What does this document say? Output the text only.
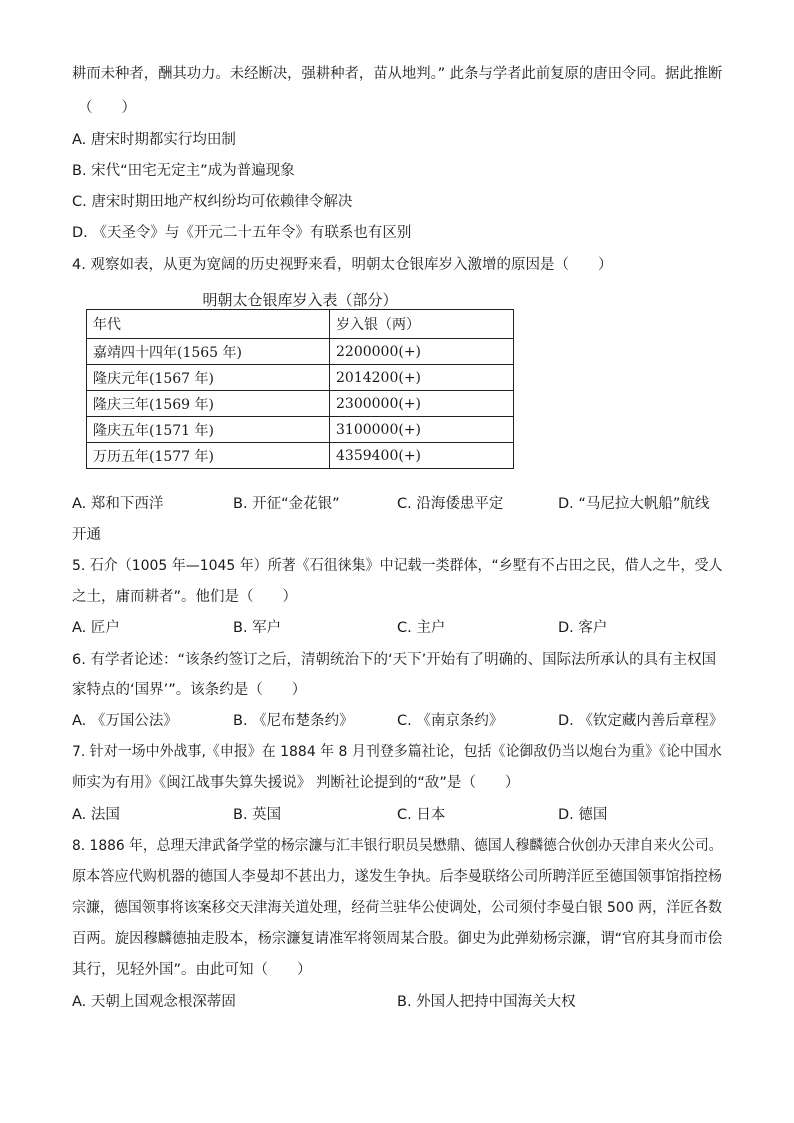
耕而未种者，酬其功力。未经断决，强耕种者，苗从地判。” 此条与学者此前复原的唐田令同。据此推断
（　　）
A. 唐宋时期都实行均田制
B. 宋代“田宅无定主”成为普遍现象
C. 唐宋时期田地产权纠纷均可依赖律令解决
D. 《天圣令》与《开元二十五年令》有联系也有区别
4. 观察如表，从更为宽阔的历史视野来看，明朝太仓银库岁入激增的原因是（　　）
明朝太仓银库岁入表（部分）
年代	岁入银（两）
嘉靖四十四年(1565 年)	2200000(+)
隆庆元年(1567 年)	2014200(+)
隆庆三年(1569 年)	2300000(+)
隆庆五年(1571 年)	3100000(+)
万历五年(1577 年)	4359400(+)
A. 郑和下西洋	B. 开征“金花银”	C. 沿海倭患平定	D. “马尼拉大帆船”航线
开通
5. 石介（1005 年—1045 年）所著《石徂徕集》中记载一类群体，“乡墅有不占田之民，借人之牛，受人
之土，庸而耕者”。他们是（　　）
A. 匠户	B. 军户	C. 主户	D. 客户
6. 有学者论述：“该条约签订之后，清朝统治下的‘天下’开始有了明确的、国际法所承认的具有主权国
家特点的‘国界’”。该条约是（　　）
A. 《万国公法》	B. 《尼布楚条约》	C. 《南京条约》	D. 《钦定藏内善后章程》
7. 针对一场中外战事,《申报》在 1884 年 8 月刊登多篇社论，包括《论御敌仍当以炮台为重》《论中国水
师实为有用》《闽江战事失算失援说》 判断社论提到的“敌”是（　　）
A. 法国	B. 英国	C. 日本	D. 德国
8. 1886 年，总理天津武备学堂的杨宗濂与汇丰银行职员吴懋鼎、德国人穆麟德合伙创办天津自来火公司。
原本答应代购机器的德国人李曼却不甚出力，遂发生争执。后李曼联络公司所聘洋匠至德国领事馆指控杨
宗濂，德国领事将该案移交天津海关道处理，经荷兰驻华公使调处，公司须付李曼白银 500 两，洋匠各数
百两。旋因穆麟德抽走股本，杨宗濂复请准军将领周某合股。御史为此弹劾杨宗濂，谓“官府其身而市侩
其行，见轻外国”。由此可知（　　）
A. 天朝上国观念根深蒂固	B. 外国人把持中国海关大权
